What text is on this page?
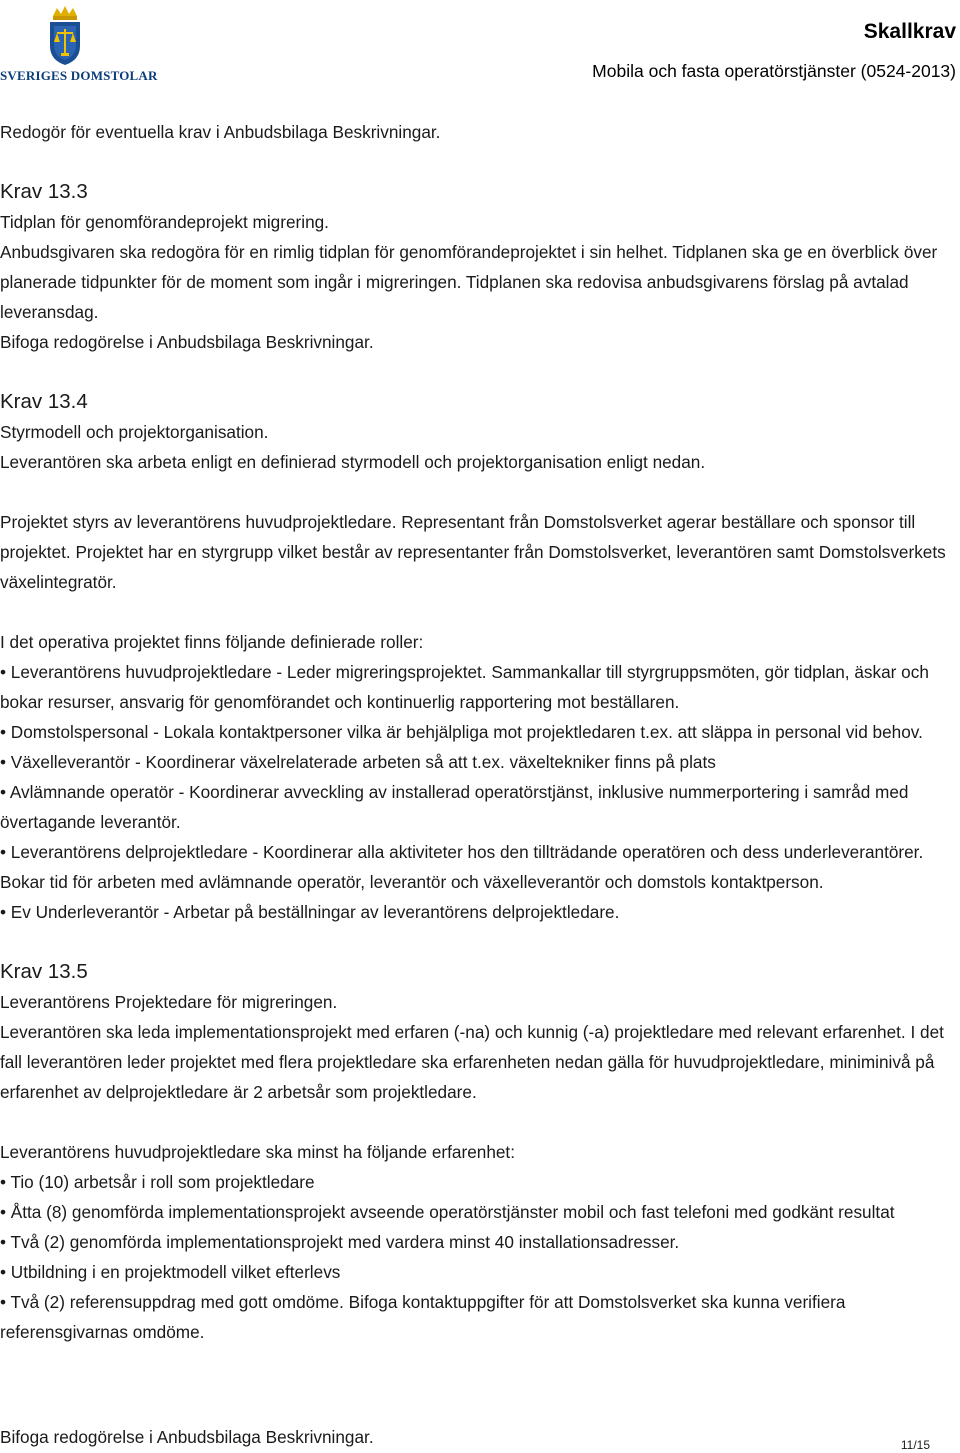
SVERIGES DOMSTOLAR
Skallkrav
Mobila och fasta operatörstjänster (0524-2013)

Redogör för eventuella krav i Anbudsbilaga Beskrivningar.

Krav 13.3

Tidplan för genomförandeprojekt migrering.

Anbudsgivaren ska redogöra för en rimlig tidplan för genomförandeprojektet i sin helhet. Tidplanen ska ge en överblick över planerade tidpunkter för de moment som ingår i migreringen. Tidplanen ska redovisa anbudsgivarens förslag på avtalad leveransdag.

Bifoga redogörelse i Anbudsbilaga Beskrivningar.

Krav 13.4

Styrmodell och projektorganisation.

Leverantören ska arbeta enligt en definierad styrmodell och projektorganisation enligt nedan.

Projektet styrs av leverantörens huvudprojektledare. Representant från Domstolsverket agerar beställare och sponsor till projektet. Projektet har en styrgrupp vilket består av representanter från Domstolsverket, leverantören samt Domstolsverkets växelintegratör.

I det operativa projektet finns följande definierade roller:

• Leverantörens huvudprojektledare - Leder migreringsprojektet. Sammankallar till styrgruppsmöten, gör tidplan, äskar och bokar resurser, ansvarig för genomförandet och kontinuerlig rapportering mot beställaren.

• Domstolspersonal - Lokala kontaktpersoner vilka är behjälpliga mot projektledaren t.ex. att släppa in personal vid behov.

• Växelleverantör - Koordinerar växelrelaterade arbeten så att t.ex. växeltekniker finns på plats

• Avlämnande operatör - Koordinerar avveckling av installerad operatörstjänst, inklusive nummerportering i samråd med övertagande leverantör.

• Leverantörens delprojektledare - Koordinerar alla aktiviteter hos den tillträdande operatören och dess underleverantörer. Bokar tid för arbeten med avlämnande operatör, leverantör och växelleverantör och domstols kontaktperson.

• Ev Underleverantör - Arbetar på beställningar av leverantörens delprojektledare.

Krav 13.5

Leverantörens Projektedare för migreringen.

Leverantören ska leda implementationsprojekt med erfaren (-na) och kunnig (-a) projektledare med relevant erfarenhet. I det fall leverantören leder projektet med flera projektledare ska erfarenheten nedan gälla för huvudprojektledare, miniminivå på erfarenhet av delprojektledare är 2 arbetsår som projektledare.

Leverantörens huvudprojektledare ska minst ha följande erfarenhet:

• Tio (10) arbetsår i roll som projektledare

• Åtta (8) genomförda implementationsprojekt avseende operatörstjänster mobil och fast telefoni med godkänt resultat

• Två (2) genomförda implementationsprojekt med vardera minst 40 installationsadresser.

• Utbildning i en projektmodell vilket efterlevs

• Två (2) referensuppdrag med gott omdöme. Bifoga kontaktuppgifter för att Domstolsverket ska kunna verifiera referensgivarnas omdöme.

Bifoga redogörelse i Anbudsbilaga Beskrivningar.	11/15
